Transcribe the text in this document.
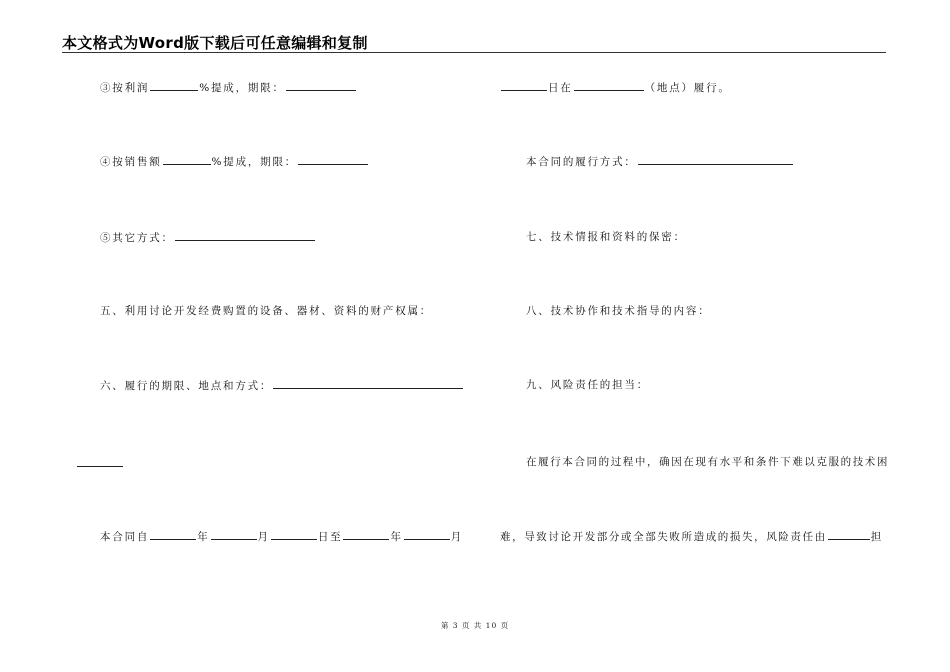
本文格式为Word版下载后可任意编辑和复制
③按利润	%提成，期限：
④按销售额	%提成，期限：
⑤其它方式：
五、利用讨论开发经费购置的设备、器材、资料的财产权属：
六、履行的期限、地点和方式：
本合同自	年	月	日至	年	月
日在	（地点）履行。
本合同的履行方式：
七、技术情报和资料的保密：
八、技术协作和技术指导的内容：
九、风险责任的担当：
在履行本合同的过程中，确因在现有水平和条件下难以克服的技术困
难，导致讨论开发部分或全部失败所造成的损失，风险责任由	担
第 3 页 共 10 页
